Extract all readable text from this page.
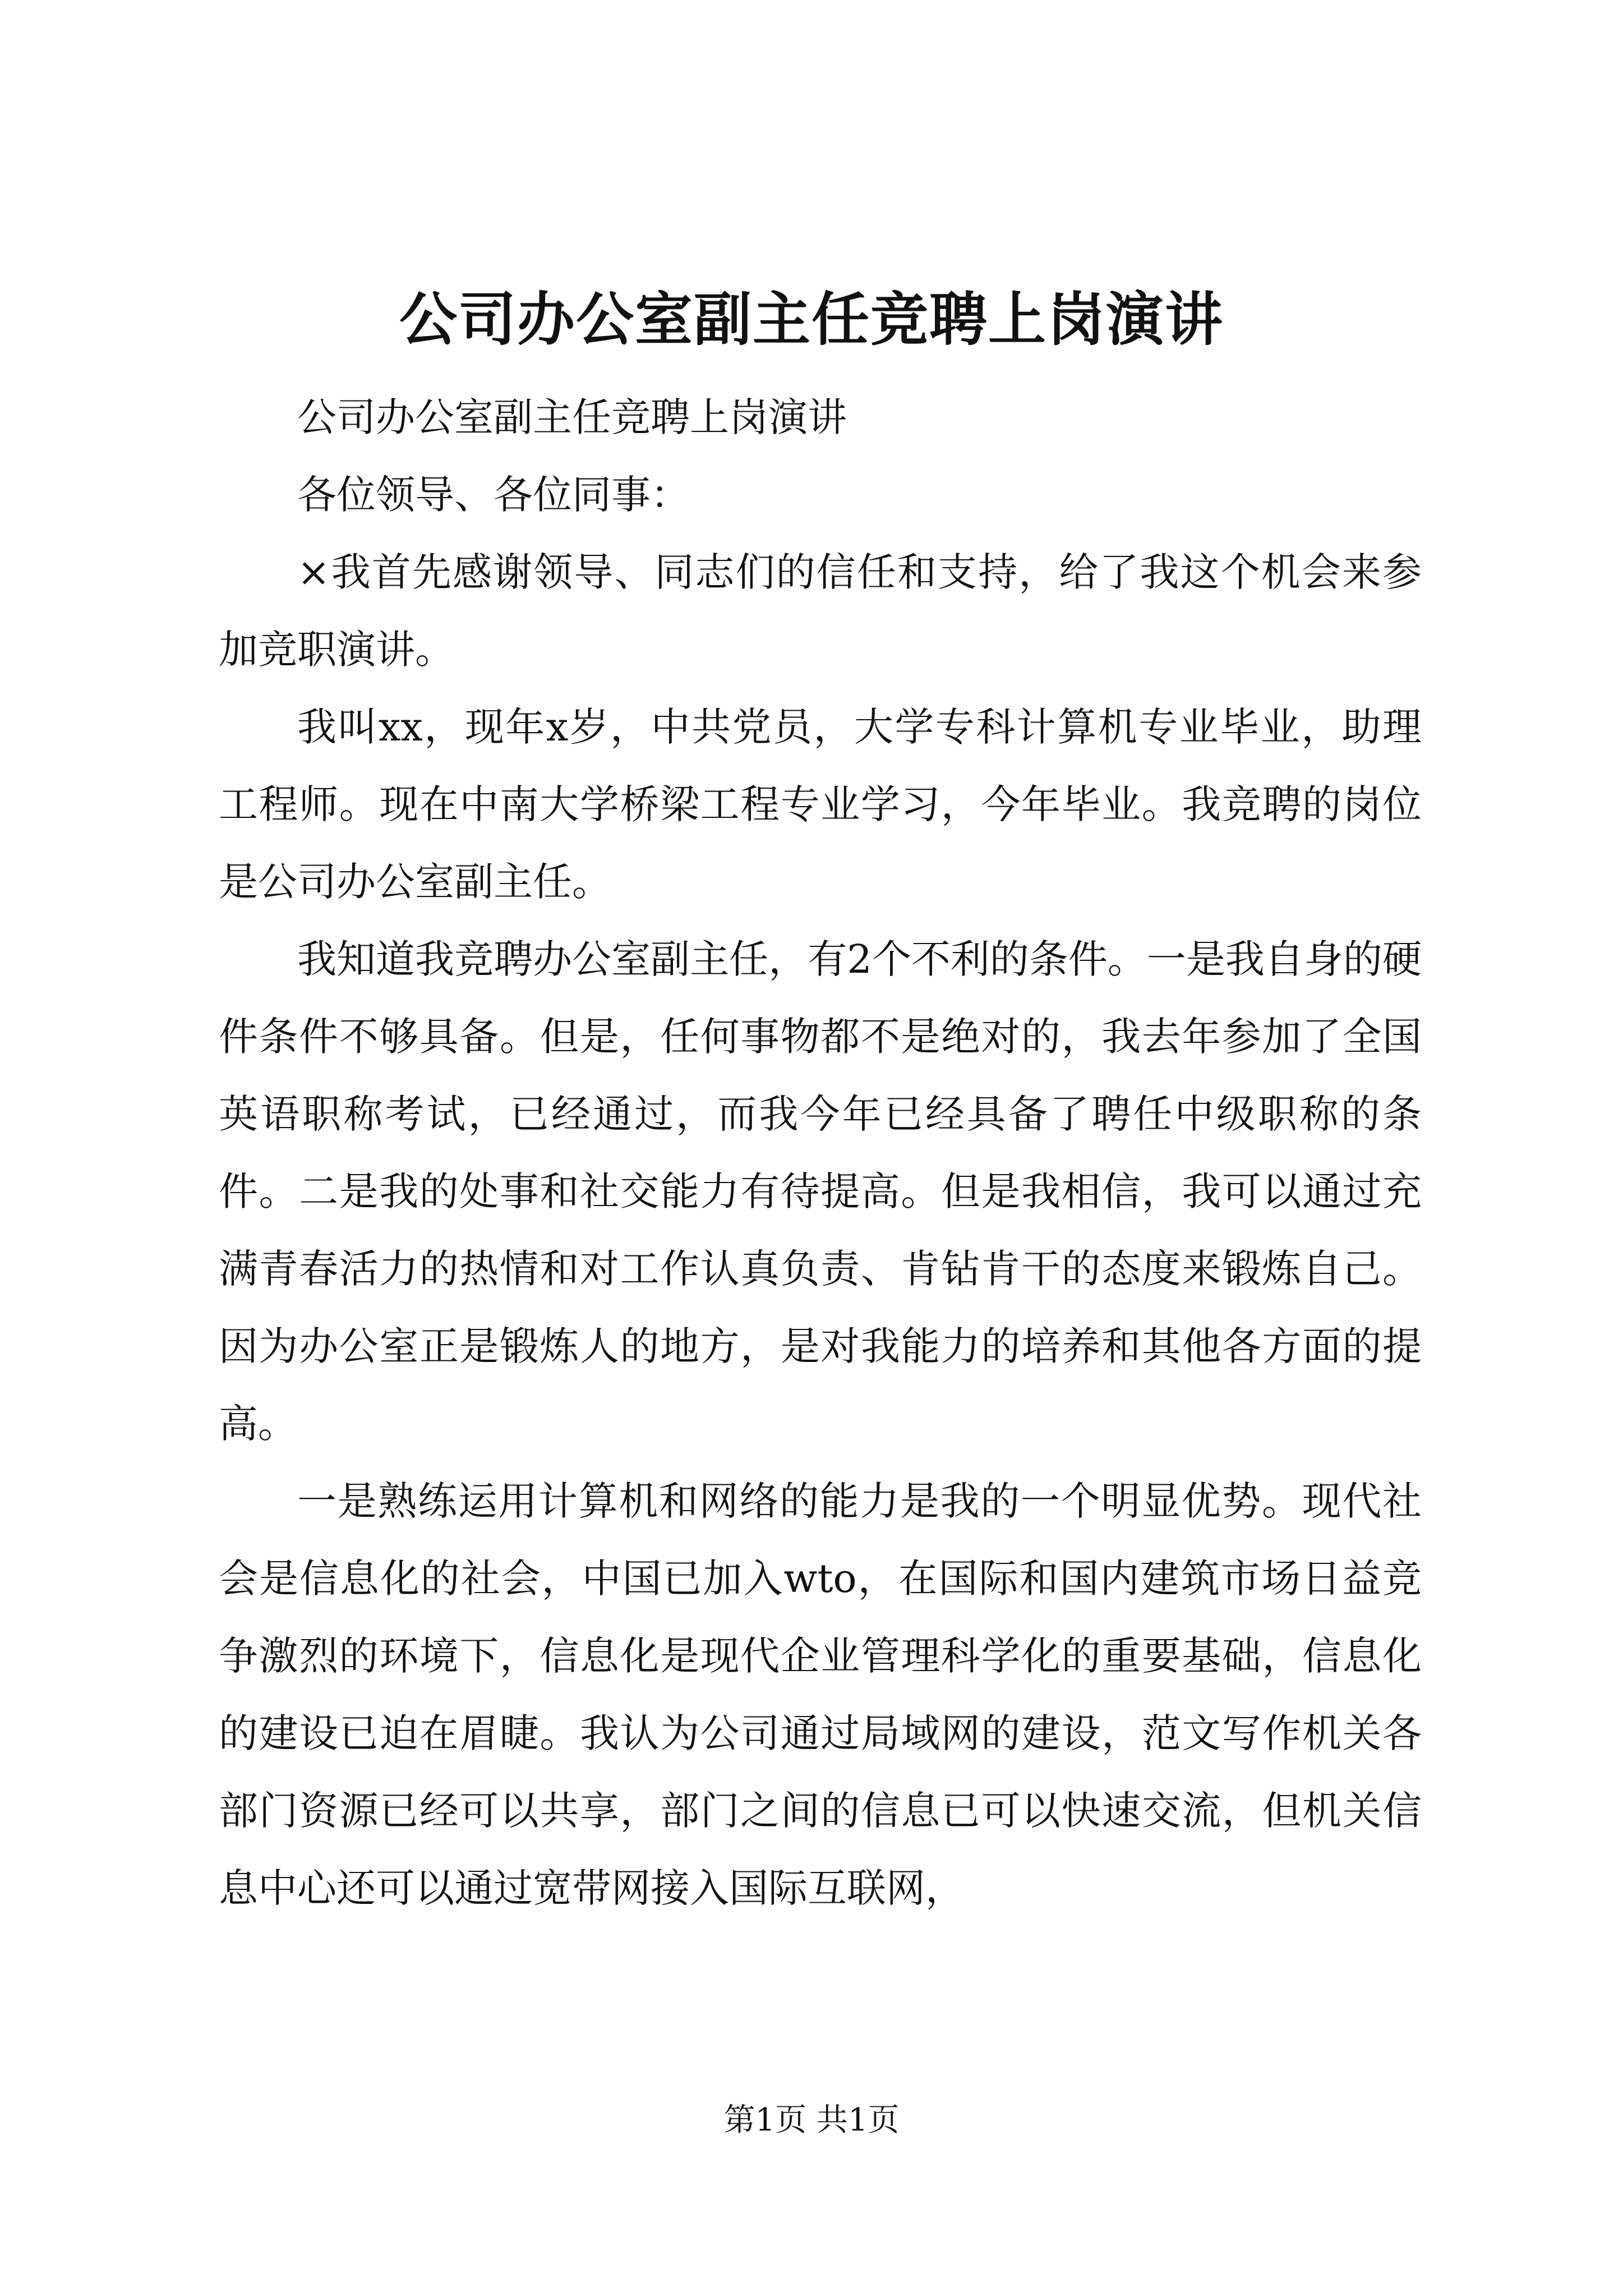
公司办公室副主任竞聘上岗演讲

公司办公室副主任竞聘上岗演讲

各位领导、各位同事：

×我首先感谢领导、同志们的信任和支持，给了我这个机会来参加竞职演讲。

我叫xx，现年x岁，中共党员，大学专科计算机专业毕业，助理工程师。现在中南大学桥梁工程专业学习，今年毕业。我竞聘的岗位是公司办公室副主任。

我知道我竞聘办公室副主任，有2个不利的条件。一是我自身的硬件条件不够具备。但是，任何事物都不是绝对的，我去年参加了全国英语职称考试，已经通过，而我今年已经具备了聘任中级职称的条件。二是我的处事和社交能力有待提高。但是我相信，我可以通过充满青春活力的热情和对工作认真负责、肯钻肯干的态度来锻炼自己。因为办公室正是锻炼人的地方，是对我能力的培养和其他各方面的提高。

一是熟练运用计算机和网络的能力是我的一个明显优势。现代社会是信息化的社会，中国已加入wto，在国际和国内建筑市场日益竞争激烈的环境下，信息化是现代企业管理科学化的重要基础，信息化的建设已迫在眉睫。我认为公司通过局域网的建设，范文写作机关各部门资源已经可以共享，部门之间的信息已可以快速交流，但机关信息中心还可以通过宽带网接入国际互联网，

第1页 共1页
